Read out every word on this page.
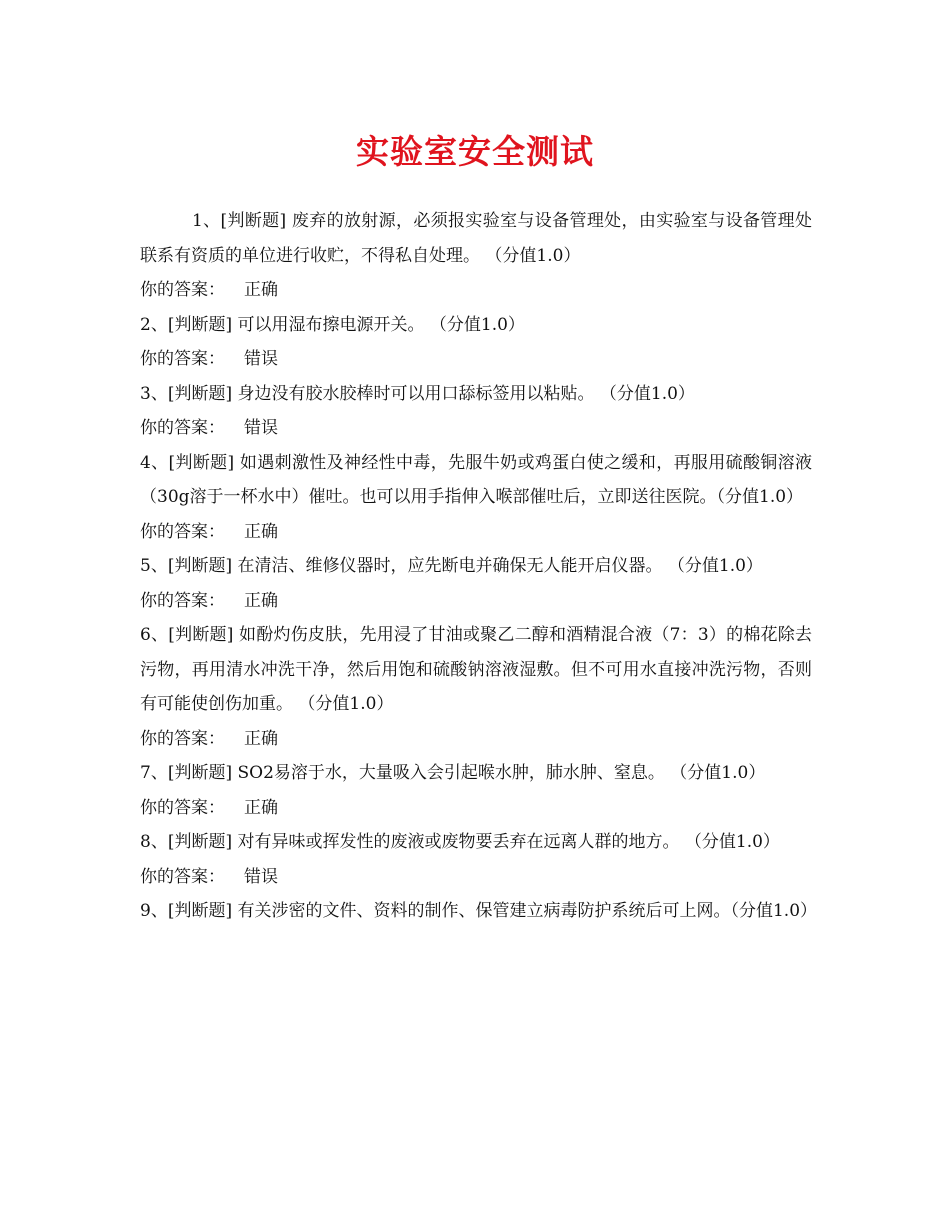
实验室安全测试

1、[判断题] 废弃的放射源，必须报实验室与设备管理处，由实验室与设备管理处联系有资质的单位进行收贮，不得私自处理。 （分值1.0）

你的答案： 正确

2、[判断题] 可以用湿布擦电源开关。 （分值1.0）

你的答案： 错误

3、[判断题] 身边没有胶水胶棒时可以用口舔标签用以粘贴。 （分值1.0）

你的答案： 错误

4、[判断题] 如遇刺激性及神经性中毒，先服牛奶或鸡蛋白使之缓和，再服用硫酸铜溶液（30g溶于一杯水中）催吐。也可以用手指伸入喉部催吐后，立即送往医院。（分值1.0）

你的答案： 正确

5、[判断题] 在清洁、维修仪器时，应先断电并确保无人能开启仪器。 （分值1.0）

你的答案： 正确

6、[判断题] 如酚灼伤皮肤，先用浸了甘油或聚乙二醇和酒精混合液（7：3）的棉花除去污物，再用清水冲洗干净，然后用饱和硫酸钠溶液湿敷。但不可用水直接冲洗污物，否则有可能使创伤加重。 （分值1.0）

你的答案： 正确

7、[判断题] SO2易溶于水，大量吸入会引起喉水肿，肺水肿、窒息。 （分值1.0）

你的答案： 正确

8、[判断题] 对有异味或挥发性的废液或废物要丢弃在远离人群的地方。 （分值1.0）

你的答案： 错误

9、[判断题] 有关涉密的文件、资料的制作、保管建立病毒防护系统后可上网。（分值1.0）
